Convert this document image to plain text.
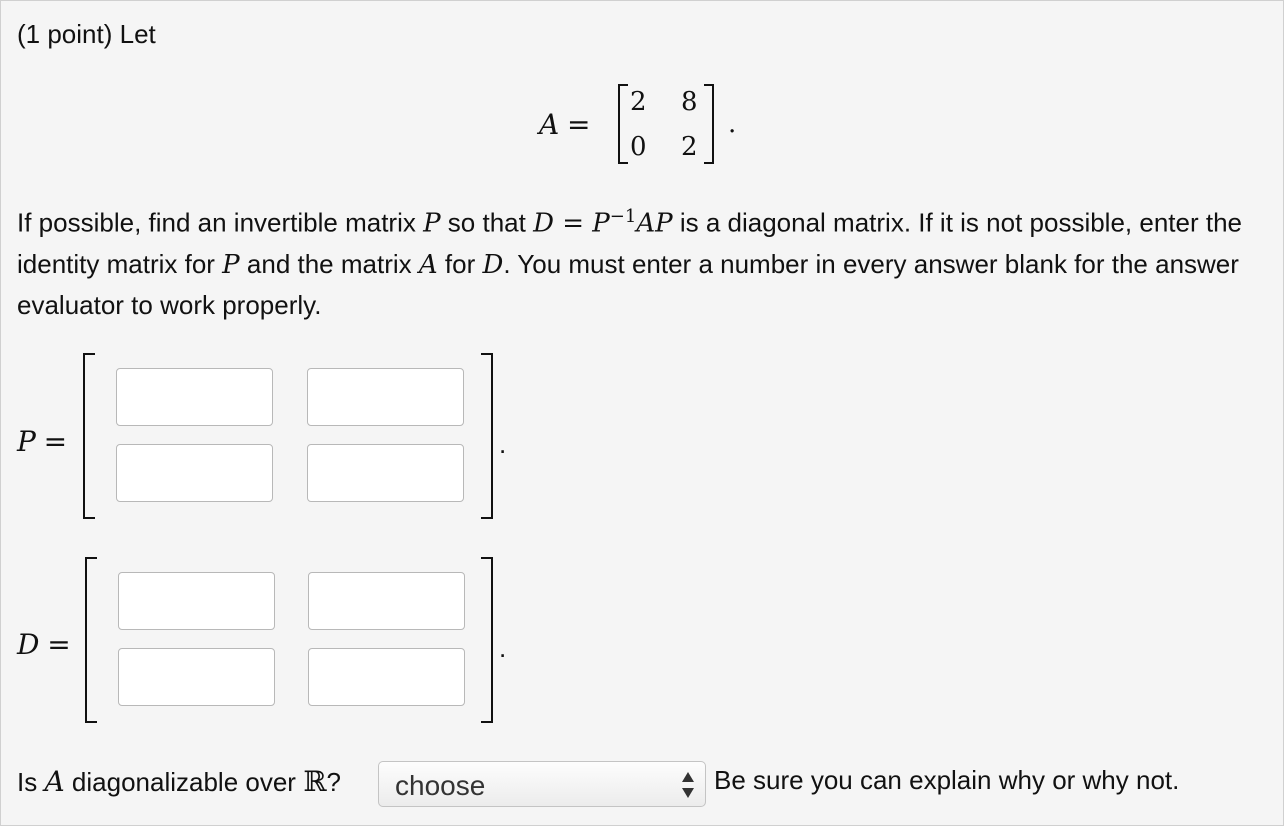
(1 point) Let
A =
2 8
0 2
.
If possible, find an invertible matrix P so that $D = P^{-1}AP$ is a diagonal matrix. If it is not possible, enter the identity matrix for P and the matrix A for D. You must enter a number in every answer blank for the answer evaluator to work properly.
P =	.
D =	.
Is A diagonalizable over ℝ? choose	Be sure you can explain why or why not.
